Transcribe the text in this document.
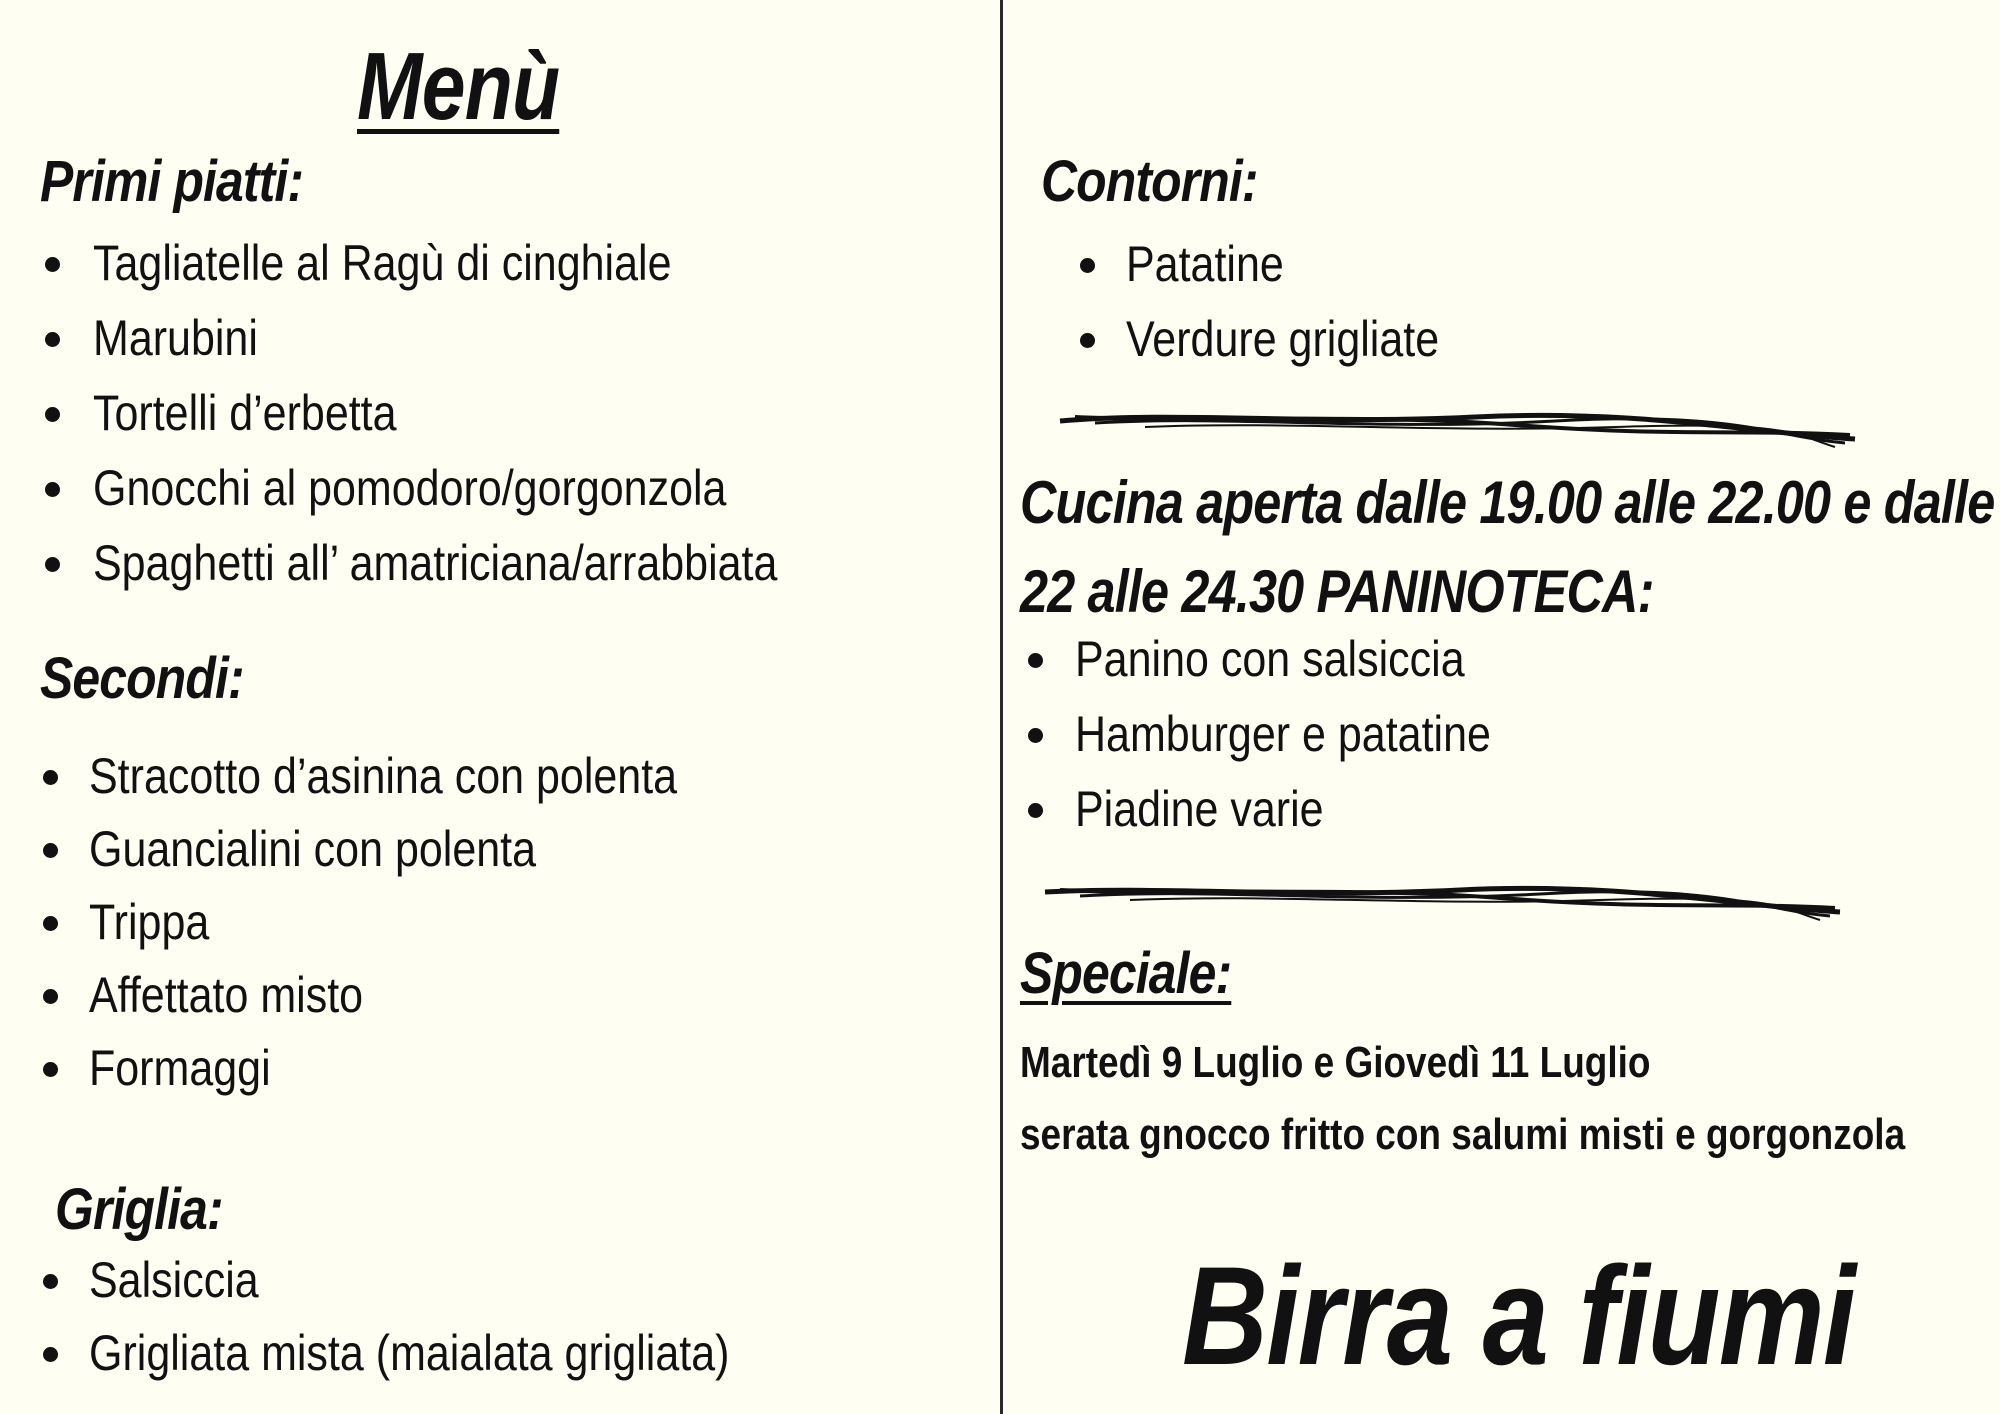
Menù
Primi piatti:
Tagliatelle al Ragù di cinghiale
Marubini
Tortelli d’erbetta
Gnocchi al pomodoro/gorgonzola
Spaghetti all’ amatriciana/arrabbiata
Secondi:
Stracotto d’asinina con polenta
Guancialini con polenta
Trippa
Affettato misto
Formaggi
Griglia:
Salsiccia
Grigliata mista (maialata grigliata)
Contorni:
Patatine
Verdure grigliate
Cucina aperta dalle 19.00 alle 22.00 e dalle
22 alle 24.30 PANINOTECA:
Panino con salsiccia
Hamburger e patatine
Piadine varie
Speciale:
Martedì 9 Luglio e Giovedì 11 Luglio
serata gnocco fritto con salumi misti e gorgonzola
Birra a fiumi
